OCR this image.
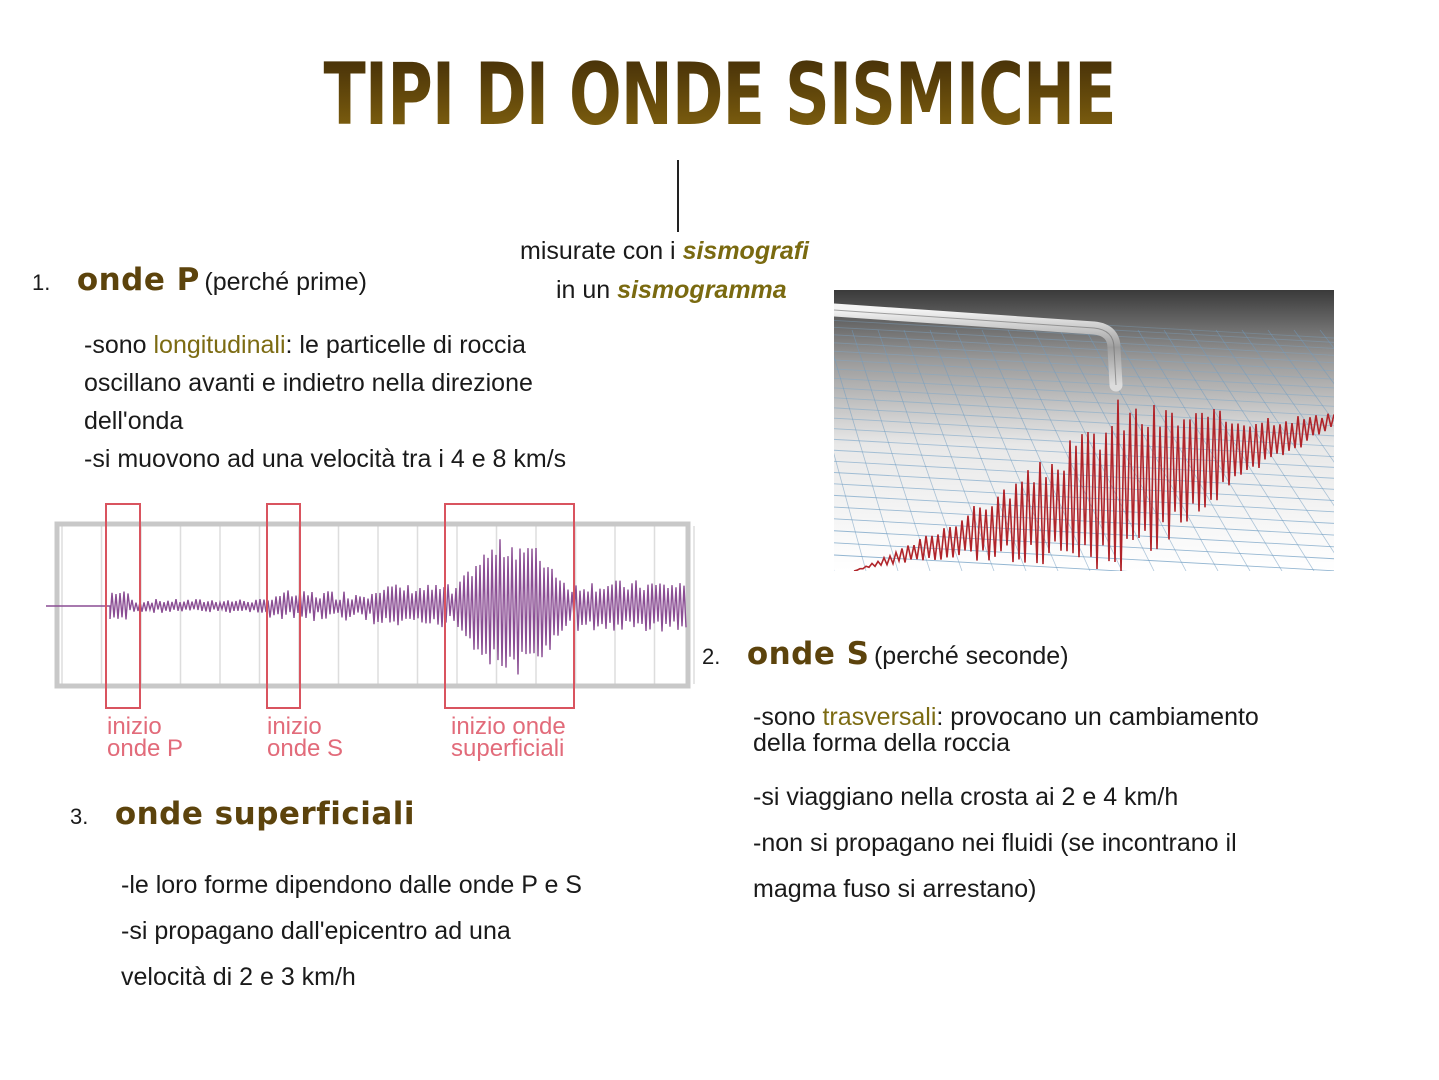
TIPI DI ONDE SISMICHE
misurate con i sismografi
in un sismogramma
1. onde P (perché prime)

-sono longitudinali: le particelle di roccia

oscillano avanti e indietro nella direzione

dell'onda

-si muovono ad una velocità tra i 4 e 8 km/s

inizio
onde P
inizio
onde S
inizio onde
superficiali
3. onde superficiali

-le loro forme dipendono dalle onde P e S

-si propagano dall'epicentro ad una

velocità di 2 e 3 km/h

2. onde S (perché seconde)

-sono trasversali: provocano un cambiamento

della forma della roccia

-si viaggiano nella crosta ai 2 e 4 km/h

-non si propagano nei fluidi (se incontrano il

magma fuso si arrestano)
